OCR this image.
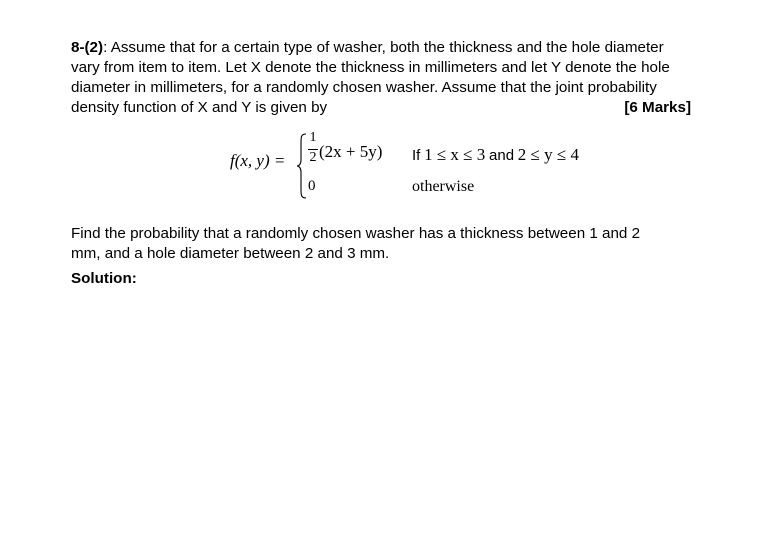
8-(2): Assume that for a certain type of washer, both the thickness and the hole diameter
vary from item to item. Let X denote the thickness in millimeters and let Y denote the hole
diameter in millimeters, for a randomly chosen washer. Assume that the joint probability
density function of X and Y is given by	[6 Marks]
f(x, y) =
1
2 (2x + 5y)
0
If 1 ≤ x ≤ 3 and 2 ≤ y ≤ 4
otherwise
Find the probability that a randomly chosen washer has a thickness between 1 and 2
mm, and a hole diameter between 2 and 3 mm.
Solution:
